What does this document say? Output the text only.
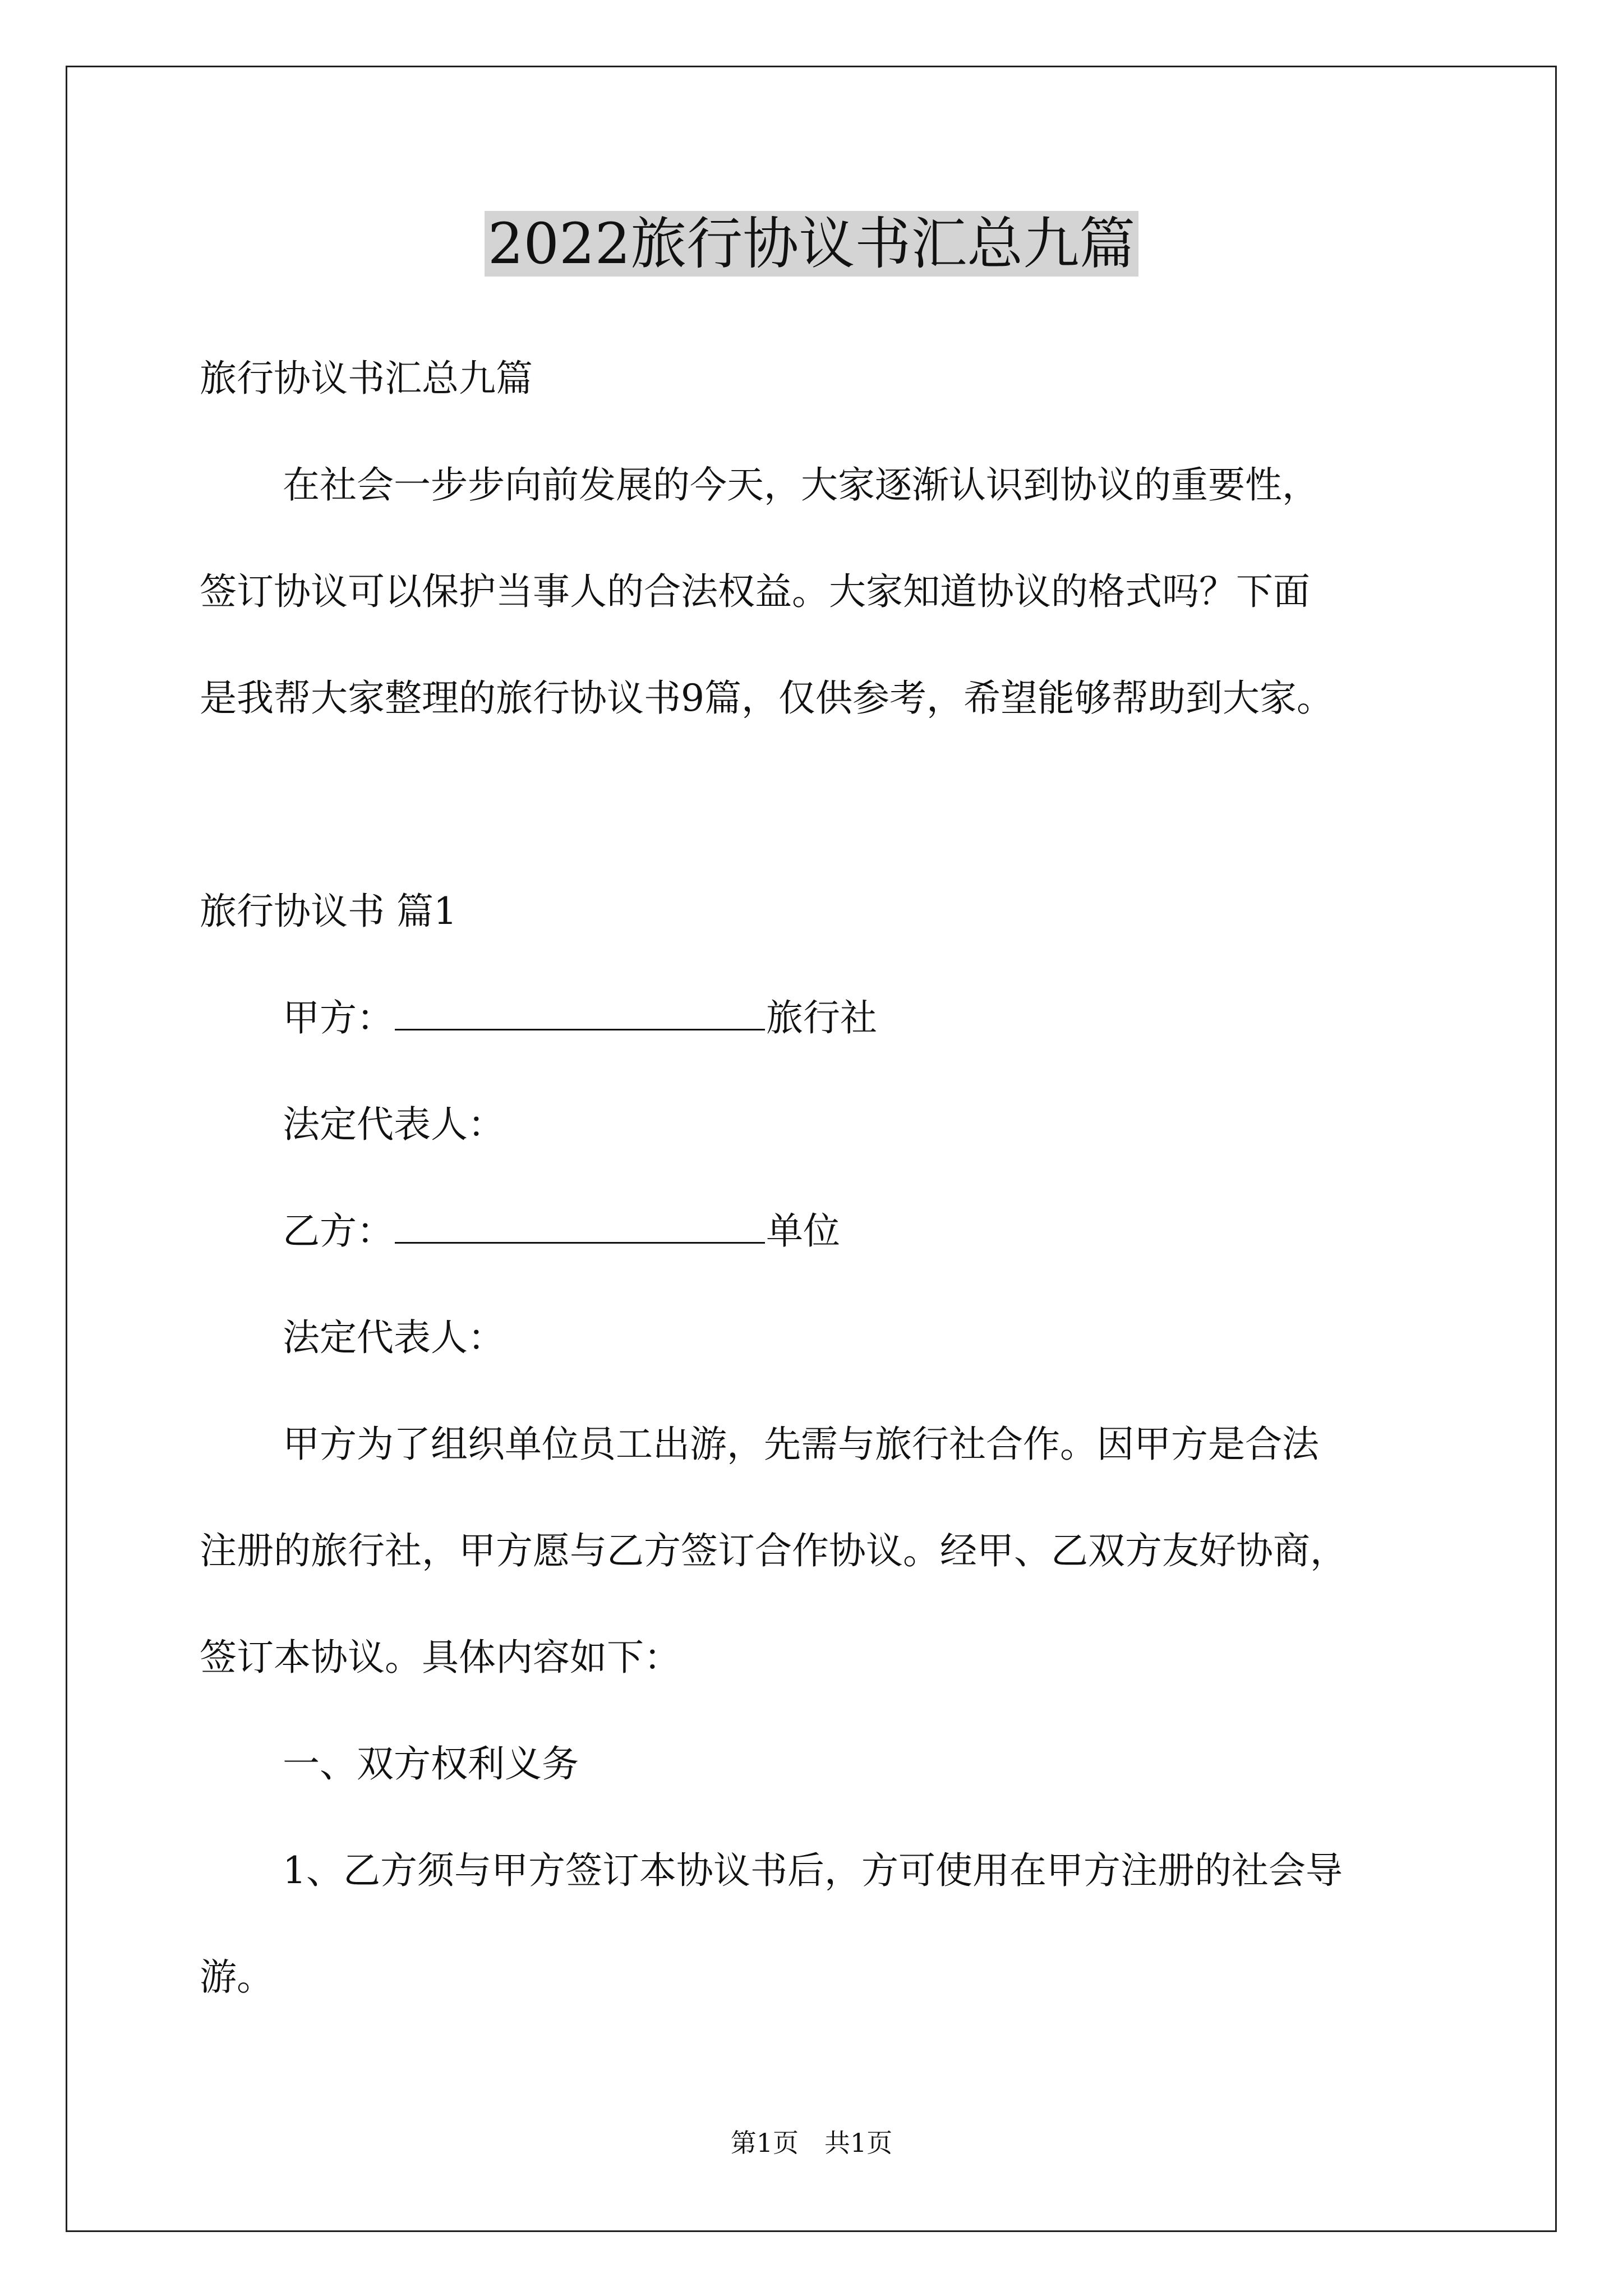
2022旅行协议书汇总九篇
旅行协议书汇总九篇
在社会一步步向前发展的今天，大家逐渐认识到协议的重要性，
签订协议可以保护当事人的合法权益。大家知道协议的格式吗？下面
是我帮大家整理的旅行协议书9篇，仅供参考，希望能够帮助到大家。
旅行协议书 篇1
甲方：	旅行社
法定代表人：
乙方：	单位
法定代表人：
甲方为了组织单位员工出游，先需与旅行社合作。因甲方是合法
注册的旅行社，甲方愿与乙方签订合作协议。经甲、乙双方友好协商，
签订本协议。具体内容如下：
一、双方权利义务
1、乙方须与甲方签订本协议书后，方可使用在甲方注册的社会导
游。
第1页　共1页
